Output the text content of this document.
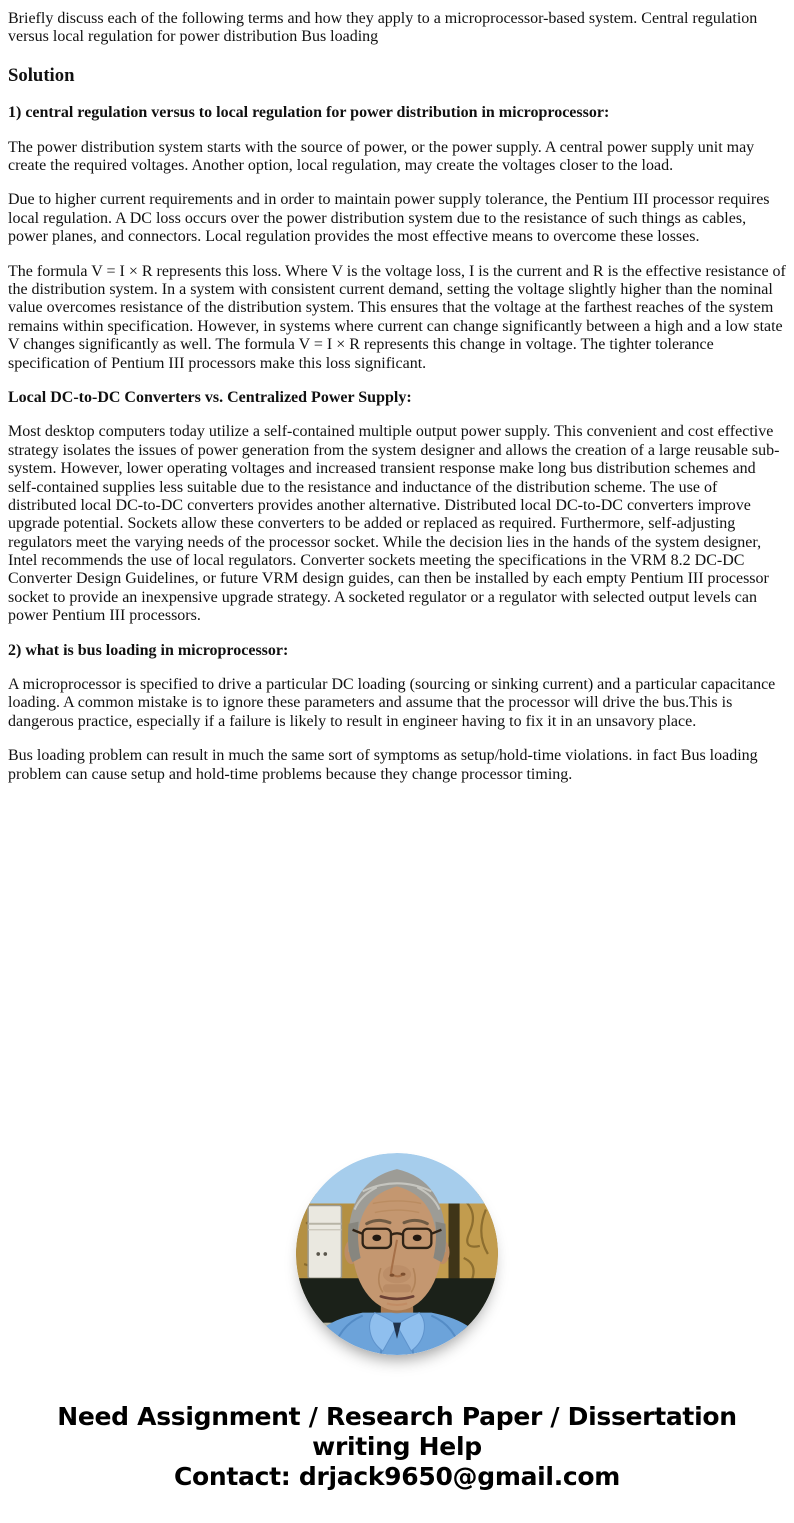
Briefly discuss each of the following terms and how they apply to a microprocessor-based system. Central regulation versus local regulation for power distribution Bus loading

Solution

1) central regulation versus to local regulation for power distribution in microprocessor:

The power distribution system starts with the source of power, or the power supply. A central power supply unit may create the required voltages. Another option, local regulation, may create the voltages closer to the load.

Due to higher current requirements and in order to maintain power supply tolerance, the Pentium III processor requires local regulation. A DC loss occurs over the power distribution system due to the resistance of such things as cables, power planes, and connectors. Local regulation provides the most effective means to overcome these losses.

The formula V = I × R represents this loss. Where V is the voltage loss, I is the current and R is the effective resistance of the distribution system. In a system with consistent current demand, setting the voltage slightly higher than the nominal value overcomes resistance of the distribution system. This ensures that the voltage at the farthest reaches of the system remains within specification. However, in systems where current can change significantly between a high and a low state V changes significantly as well. The formula V = I × R represents this change in voltage. The tighter tolerance specification of Pentium III processors make this loss significant.

Local DC-to-DC Converters vs. Centralized Power Supply:

Most desktop computers today utilize a self-contained multiple output power supply. This convenient and cost effective strategy isolates the issues of power generation from the system designer and allows the creation of a large reusable sub-system. However, lower operating voltages and increased transient response make long bus distribution schemes and self-contained supplies less suitable due to the resistance and inductance of the distribution scheme. The use of distributed local DC-to-DC converters provides another alternative. Distributed local DC-to-DC converters improve upgrade potential. Sockets allow these converters to be added or replaced as required. Furthermore, self-adjusting regulators meet the varying needs of the processor socket. While the decision lies in the hands of the system designer, Intel recommends the use of local regulators. Converter sockets meeting the specifications in the VRM 8.2 DC-DC Converter Design Guidelines, or future VRM design guides, can then be installed by each empty Pentium III processor socket to provide an inexpensive upgrade strategy. A socketed regulator or a regulator with selected output levels can power Pentium III processors.

2) what is bus loading in microprocessor:

A microprocessor is specified to drive a particular DC loading (sourcing or sinking current) and a particular capacitance loading. A common mistake is to ignore these parameters and assume that the processor will drive the bus.This is dangerous practice, especially if a failure is likely to result in engineer having to fix it in an unsavory place.

Bus loading problem can result in much the same sort of symptoms as setup/hold-time violations. in fact Bus loading problem can cause setup and hold-time problems because they change processor timing.

Need Assignment / Research Paper / Dissertation
writing Help
Contact: drjack9650@gmail.com
